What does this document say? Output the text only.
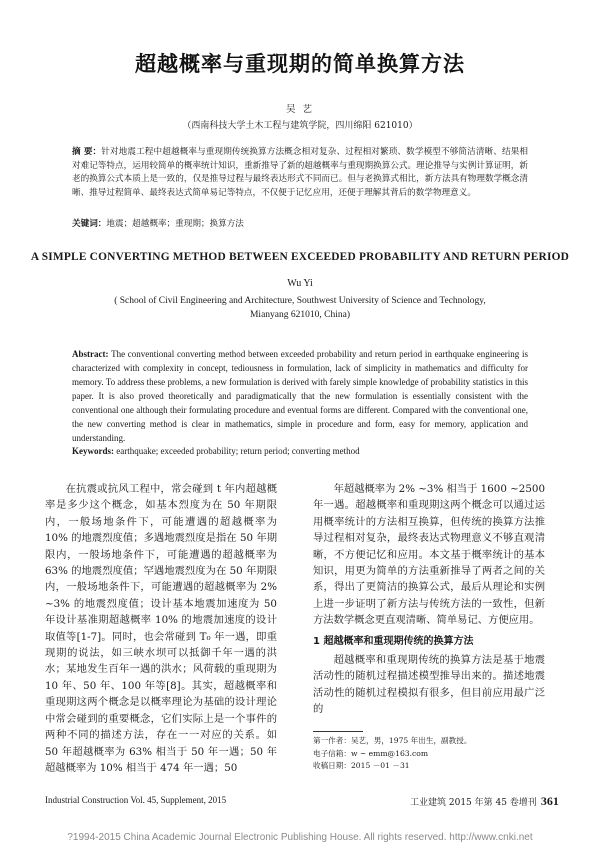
超越概率与重现期的简单换算方法
吴 艺
（西南科技大学土木工程与建筑学院，四川绵阳 621010）
摘 要：针对地震工程中超越概率与重现期传统换算方法概念相对复杂、过程相对繁琐、数学模型不够简洁清晰、结果相对难记等特点，运用较简单的概率统计知识，重新推导了新的超越概率与重现期换算公式。理论推导与实例计算证明，新老的换算公式本质上是一致的，仅是推导过程与最终表达形式不同而已。但与老换算式相比，新方法具有物理数学概念清晰、推导过程简单、最终表达式简单易记等特点，不仅便于记忆应用，还便于理解其背后的数学物理意义。
关键词：地震；超越概率；重现期；换算方法
A SIMPLE CONVERTING METHOD BETWEEN EXCEEDED PROBABILITY AND RETURN PERIOD
Wu Yi
( School of Civil Engineering and Architecture, Southwest University of Science and Technology,
Mianyang 621010, China)
Abstract: The conventional converting method between exceeded probability and return period in earthquake engineering is characterized with complexity in concept, tediousness in formulation, lack of simplicity in mathematics and difficulty for memory. To address these problems, a new formulation is derived with farely simple knowledge of probability statistics in this paper. It is also proved theoretically and paradigmatically that the new formulation is essentially consistent with the conventional one although their formulating procedure and eventual forms are different. Compared with the conventional one, the new converting method is clear in mathematics, simple in procedure and form, easy for memory, application and understanding.
Keywords: earthquake; exceeded probability; return period; converting method

在抗震或抗风工程中，常会碰到 t 年内超越概率是多少这个概念，如基本烈度为在 50 年期限内，一般场地条件下，可能遭遇的超越概率为 10% 的地震烈度值；多遇地震烈度是指在 50 年期限内，一般场地条件下，可能遭遇的超越概率为 63% 的地震烈度值；罕遇地震烈度为在 50 年期限内，一般场地条件下，可能遭遇的超越概率为 2% ~3% 的地震烈度值；设计基本地震加速度为 50 年设计基准期超越概率 10% 的地震加速度的设计取值等[1-7]。同时，也会常碰到 T₀ 年一遇，即重现期的说法，如三峡水坝可以抵御千年一遇的洪水；某地发生百年一遇的洪水；风荷载的重现期为 10 年、50 年、100 年等[8]。其实，超越概率和重现期这两个概念是以概率理论为基础的设计理论中常会碰到的重要概念，它们实际上是一个事件的两种不同的描述方法，存在一一对应的关系。如 50 年超越概率为 63% 相当于 50 年一遇；50 年超越概率为 10% 相当于 474 年一遇；50

年超越概率为 2% ~3% 相当于 1600 ~2500 年一遇。超越概率和重现期这两个概念可以通过运用概率统计的方法相互换算，但传统的换算方法推导过程相对复杂，最终表达式物理意义不够直观清晰，不方便记忆和应用。本文基于概率统计的基本知识，用更为简单的方法重新推导了两者之间的关系，得出了更简洁的换算公式，最后从理论和实例上进一步证明了新方法与传统方法的一致性，但新方法数学概念更直观清晰、简单易记、方便应用。

1 超越概率和重现期传统的换算方法

超越概率和重现期传统的换算方法是基于地震活动性的随机过程描述模型推导出来的。描述地震活动性的随机过程模拟有很多，但目前应用最广泛的

第一作者：吴艺，男，1975 年出生，副教授。
电子信箱：w ~ emm@163.com
收稿日期：2015 －01 －31
Industrial Construction Vol. 45, Supplement, 2015	工业建筑 2015 年第 45 卷增刊 361
?1994-2015 China Academic Journal Electronic Publishing House. All rights reserved. http://www.cnki.net
